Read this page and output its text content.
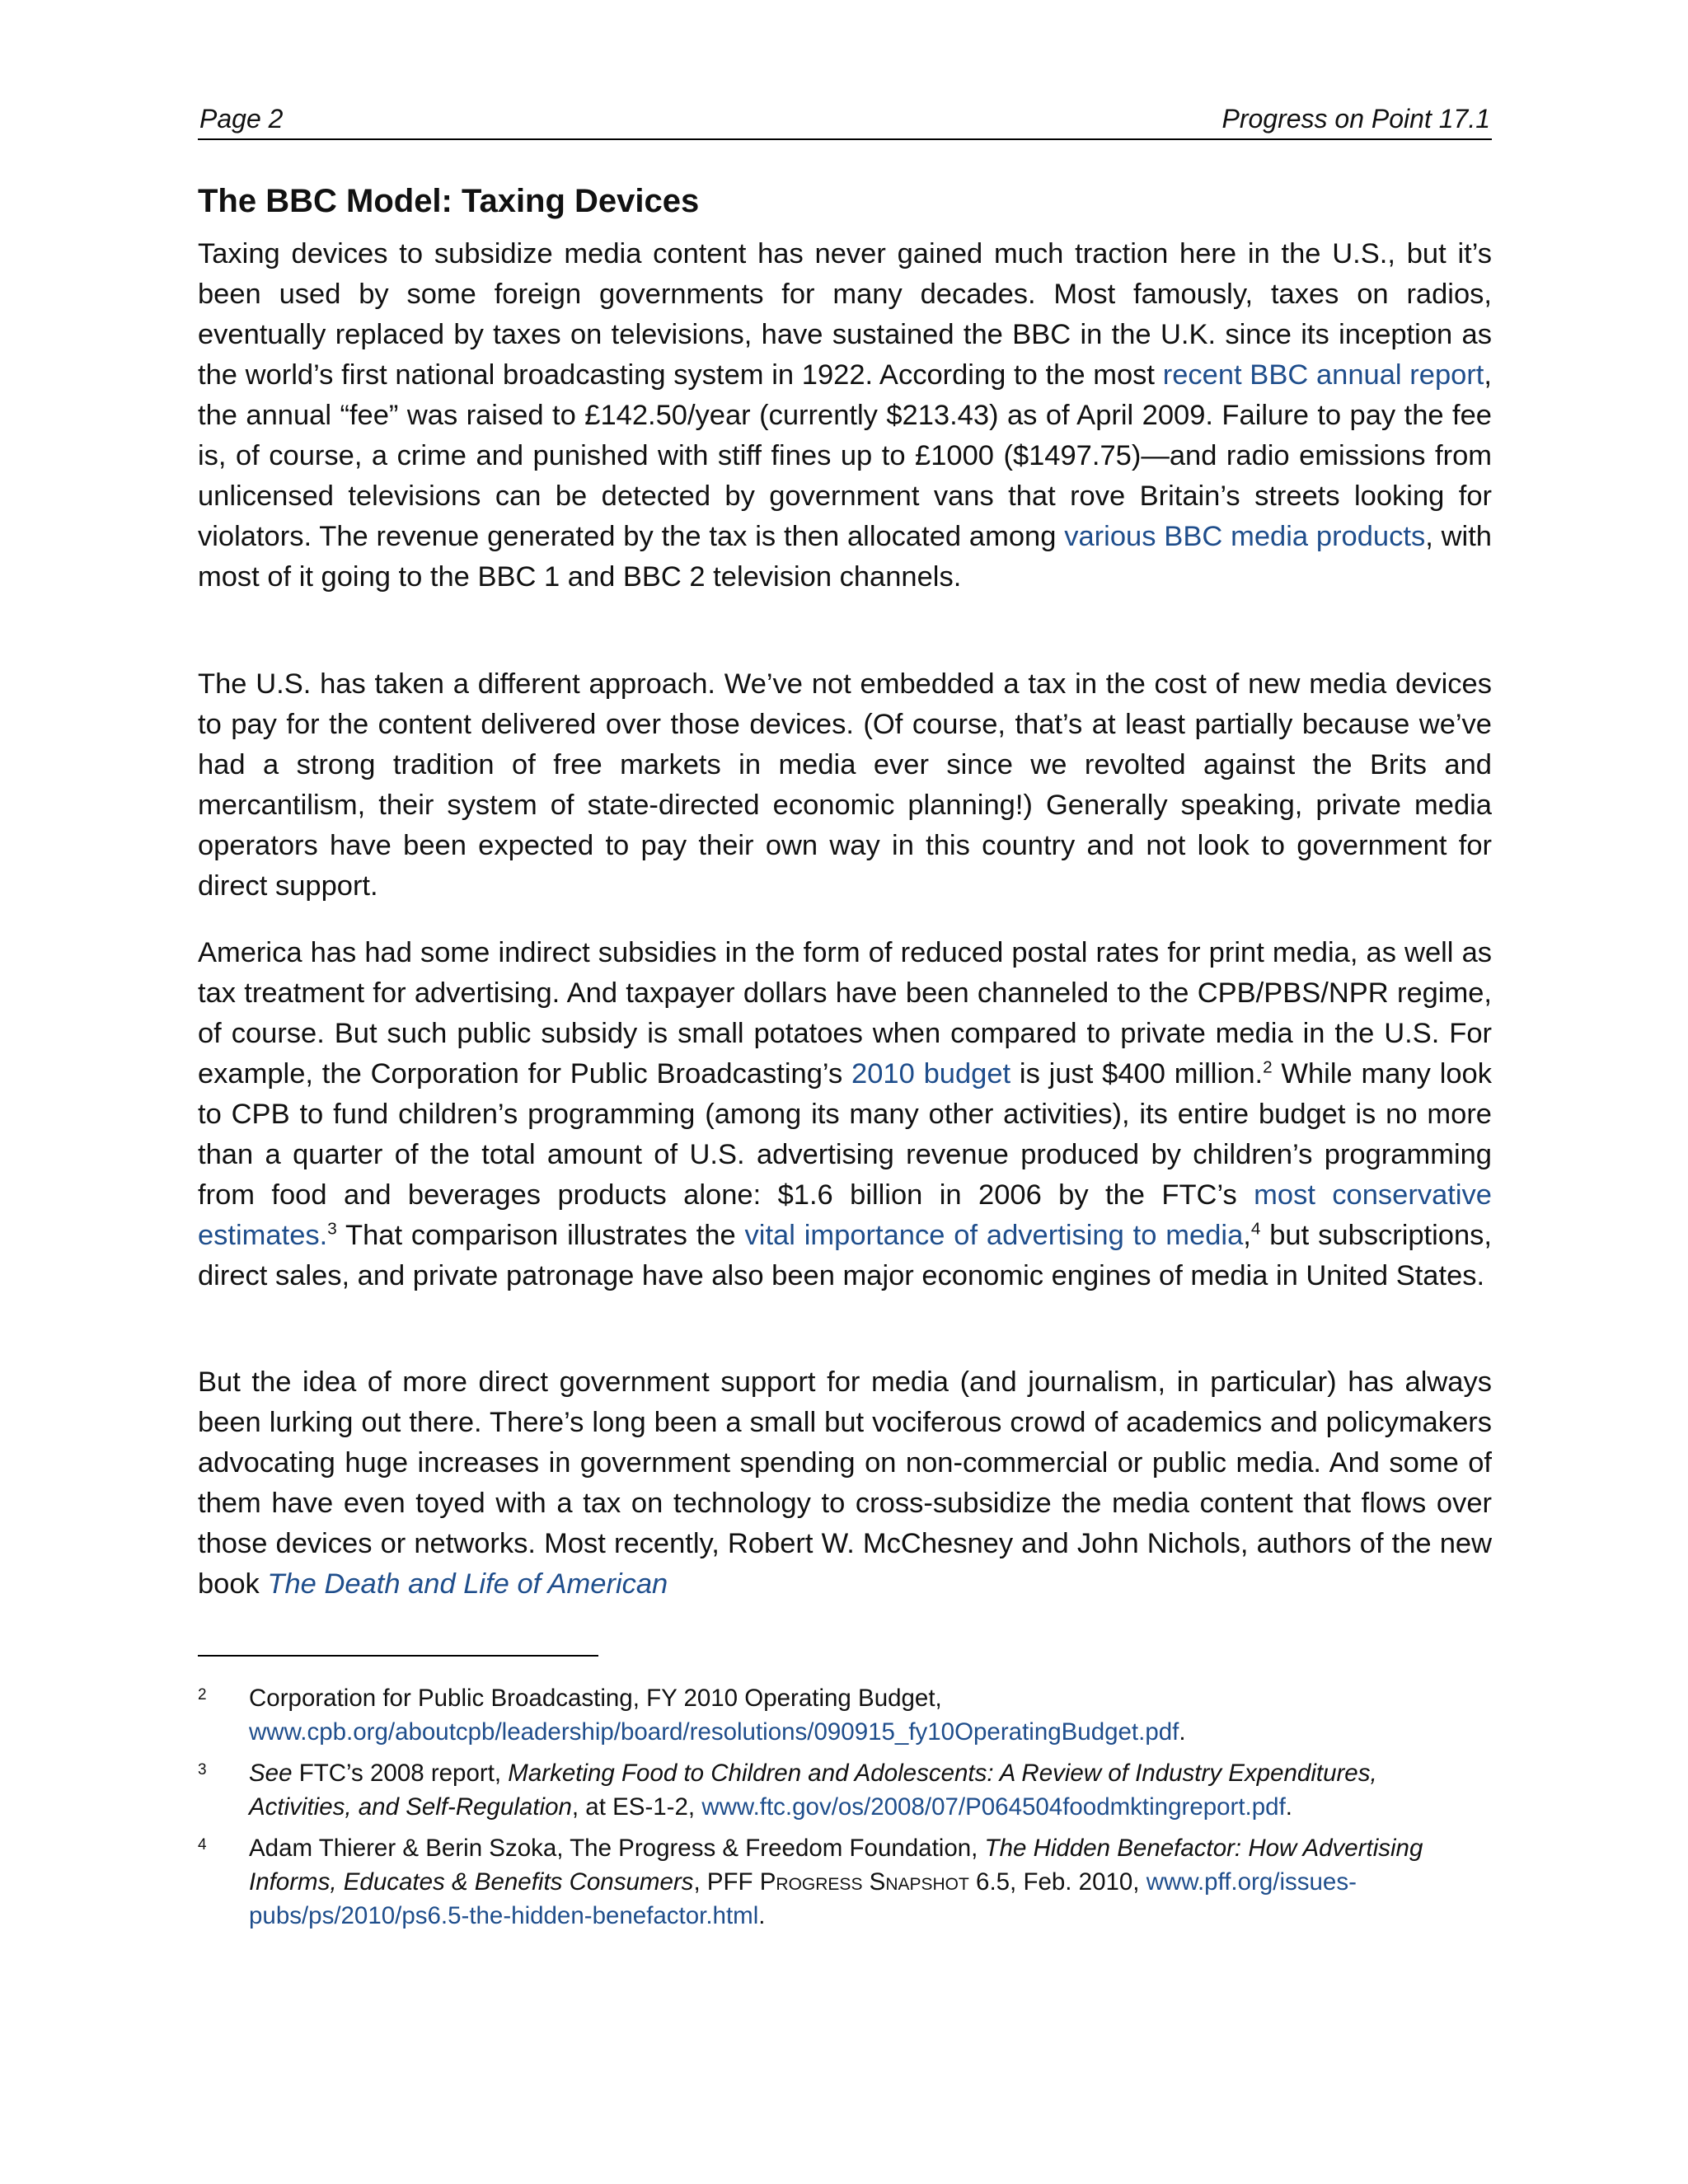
Page 2	Progress on Point 17.1
The BBC Model: Taxing Devices

Taxing devices to subsidize media content has never gained much traction here in the U.S., but it’s been used by some foreign governments for many decades. Most famously, taxes on radios, eventually replaced by taxes on televisions, have sustained the BBC in the U.K. since its inception as the world’s first national broadcasting system in 1922. According to the most recent BBC annual report, the annual “fee” was raised to £142.50/year (currently $213.43) as of April 2009. Failure to pay the fee is, of course, a crime and punished with stiff fines up to £1000 ($1497.75)—and radio emissions from unlicensed televisions can be detected by government vans that rove Britain’s streets looking for violators. The revenue generated by the tax is then allocated among various BBC media products, with most of it going to the BBC 1 and BBC 2 television channels.

The U.S. has taken a different approach. We’ve not embedded a tax in the cost of new media devices to pay for the content delivered over those devices. (Of course, that’s at least partially because we’ve had a strong tradition of free markets in media ever since we revolted against the Brits and mercantilism, their system of state-directed economic planning!) Generally speaking, private media operators have been expected to pay their own way in this country and not look to government for direct support.

America has had some indirect subsidies in the form of reduced postal rates for print media, as well as tax treatment for advertising. And taxpayer dollars have been channeled to the CPB/PBS/NPR regime, of course. But such public subsidy is small potatoes when compared to private media in the U.S. For example, the Corporation for Public Broadcasting’s 2010 budget is just $400 million.$^2$ While many look to CPB to fund children’s programming (among its many other activities), its entire budget is no more than a quarter of the total amount of U.S. advertising revenue produced by children’s programming from food and beverages products alone: $1.6 billion in 2006 by the FTC’s most conservative estimates.$^3$ That comparison illustrates the vital importance of advertising to media,$^4$ but subscriptions, direct sales, and private patronage have also been major economic engines of media in United States.

But the idea of more direct government support for media (and journalism, in particular) has always been lurking out there. There’s long been a small but vociferous crowd of academics and policymakers advocating huge increases in government spending on non-commercial or public media. And some of them have even toyed with a tax on technology to cross-subsidize the media content that flows over those devices or networks. Most recently, Robert W. McChesney and John Nichols, authors of the new book The Death and Life of American

2 Corporation for Public Broadcasting, FY 2010 Operating Budget,
www.cpb.org/aboutcpb/leadership/board/resolutions/090915_fy10OperatingBudget.pdf.
3 See FTC’s 2008 report, Marketing Food to Children and Adolescents: A Review of Industry Expenditures, Activities, and Self-Regulation, at ES-1-2, www.ftc.gov/os/2008/07/P064504foodmktingreport.pdf.
4 Adam Thierer & Berin Szoka, The Progress & Freedom Foundation, The Hidden Benefactor: How Advertising Informs, Educates & Benefits Consumers, PFF Progress Snapshot 6.5, Feb. 2010, www.pff.org/issues-pubs/ps/2010/ps6.5-the-hidden-benefactor.html.
